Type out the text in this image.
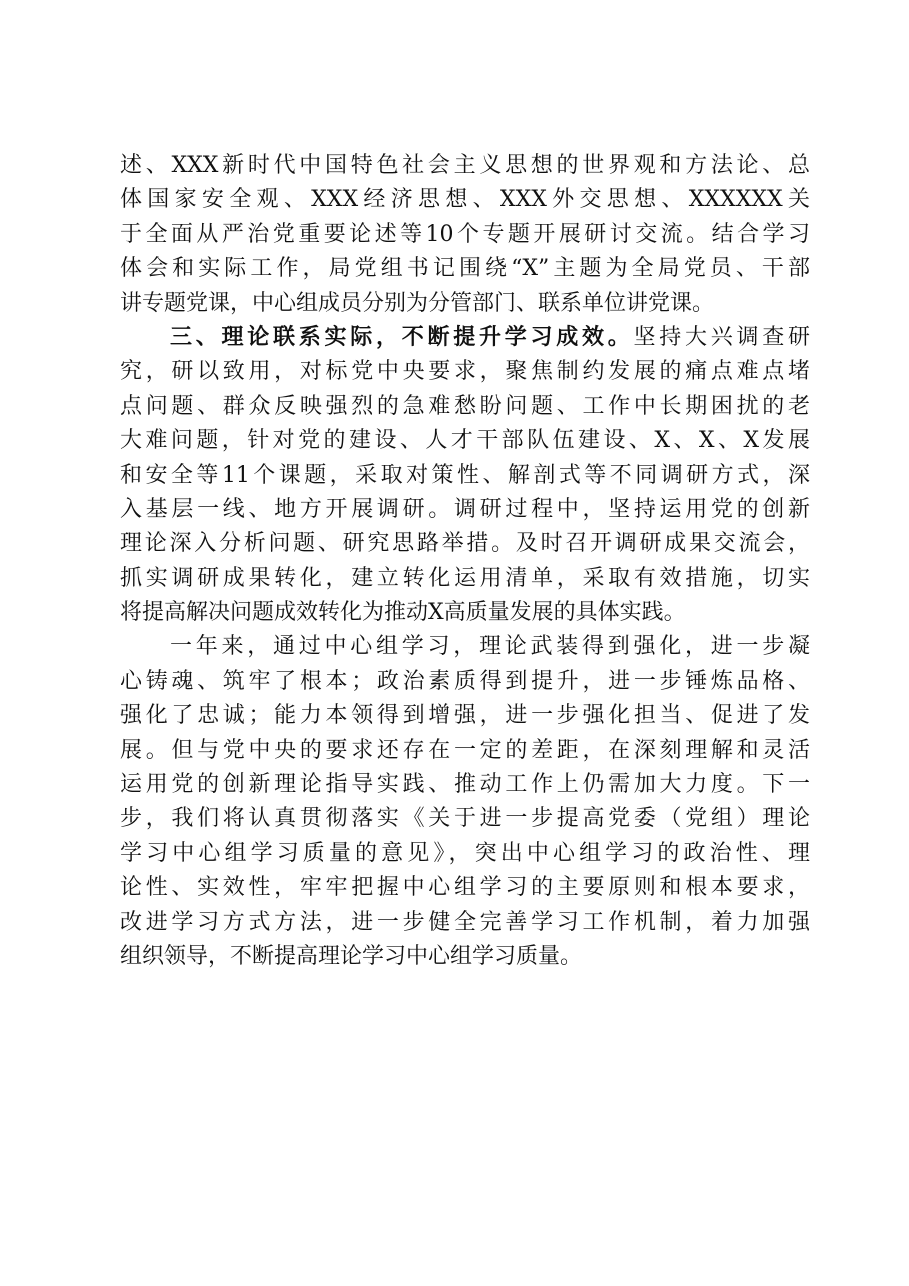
述、XXX新时代中国特色社会主义思想的世界观和方法论、总
体国家安全观、XXX经济思想、XXX外交思想、XXXXXX关
于全面从严治党重要论述等10个专题开展研讨交流。结合学习
体会和实际工作，局党组书记围绕“X”主题为全局党员、干部
讲专题党课，中心组成员分别为分管部门、联系单位讲党课。
三、理论联系实际，不断提升学习成效。坚持大兴调查研
究，研以致用，对标党中央要求，聚焦制约发展的痛点难点堵
点问题、群众反映强烈的急难愁盼问题、工作中长期困扰的老
大难问题，针对党的建设、人才干部队伍建设、X、X、X发展
和安全等11个课题，采取对策性、解剖式等不同调研方式，深
入基层一线、地方开展调研。调研过程中，坚持运用党的创新
理论深入分析问题、研究思路举措。及时召开调研成果交流会，
抓实调研成果转化，建立转化运用清单，采取有效措施，切实
将提高解决问题成效转化为推动X高质量发展的具体实践。
一年来，通过中心组学习，理论武装得到强化，进一步凝
心铸魂、筑牢了根本；政治素质得到提升，进一步锤炼品格、
强化了忠诚；能力本领得到增强，进一步强化担当、促进了发
展。但与党中央的要求还存在一定的差距，在深刻理解和灵活
运用党的创新理论指导实践、推动工作上仍需加大力度。下一
步，我们将认真贯彻落实《关于进一步提高党委（党组）理论
学习中心组学习质量的意见》，突出中心组学习的政治性、理
论性、实效性，牢牢把握中心组学习的主要原则和根本要求，
改进学习方式方法，进一步健全完善学习工作机制，着力加强
组织领导，不断提高理论学习中心组学习质量。
